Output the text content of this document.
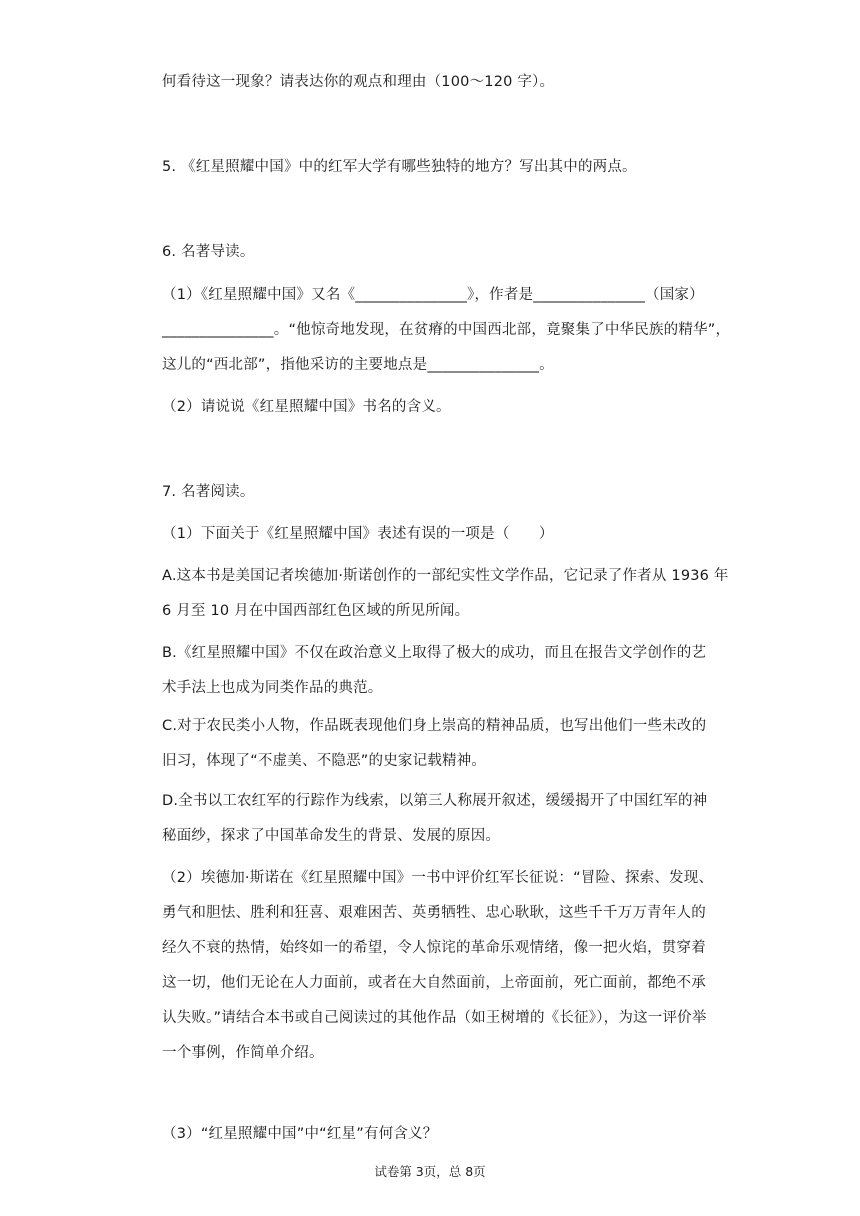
何看待这一现象？请表达你的观点和理由（100～120 字）。
5. 《红星照耀中国》中的红军大学有哪些独特的地方？写出其中的两点。
6. 名著导读。
（1）《红星照耀中国》又名《_______________》，作者是_______________（国家）
_______________。“他惊奇地发现，在贫瘠的中国西北部，竟聚集了中华民族的精华”，
这儿的“西北部”，指他采访的主要地点是_______________。
（2）请说说《红星照耀中国》书名的含义。
7. 名著阅读。
（1）下面关于《红星照耀中国》表述有误的一项是（　　）
A.这本书是美国记者埃德加·斯诺创作的一部纪实性文学作品，它记录了作者从 1936 年
6 月至 10 月在中国西部红色区域的所见所闻。
B.《红星照耀中国》不仅在政治意义上取得了极大的成功，而且在报告文学创作的艺
术手法上也成为同类作品的典范。
C.对于农民类小人物，作品既表现他们身上崇高的精神品质，也写出他们一些未改的
旧习，体现了“不虚美、不隐恶”的史家记载精神。
D.全书以工农红军的行踪作为线索，以第三人称展开叙述，缓缓揭开了中国红军的神
秘面纱，探求了中国革命发生的背景、发展的原因。
（2）埃德加·斯诺在《红星照耀中国》一书中评价红军长征说：“冒险、探索、发现、
勇气和胆怯、胜利和狂喜、艰难困苦、英勇牺牲、忠心耿耿，这些千千万万青年人的
经久不衰的热情，始终如一的希望，令人惊诧的革命乐观情绪，像一把火焰，贯穿着
这一切，他们无论在人力面前，或者在大自然面前，上帝面前，死亡面前，都绝不承
认失败。”请结合本书或自己阅读过的其他作品（如王树增的《长征》），为这一评价举
一个事例，作简单介绍。
（3）“红星照耀中国”中“红星”有何含义？
试卷第 3页，总 8页
